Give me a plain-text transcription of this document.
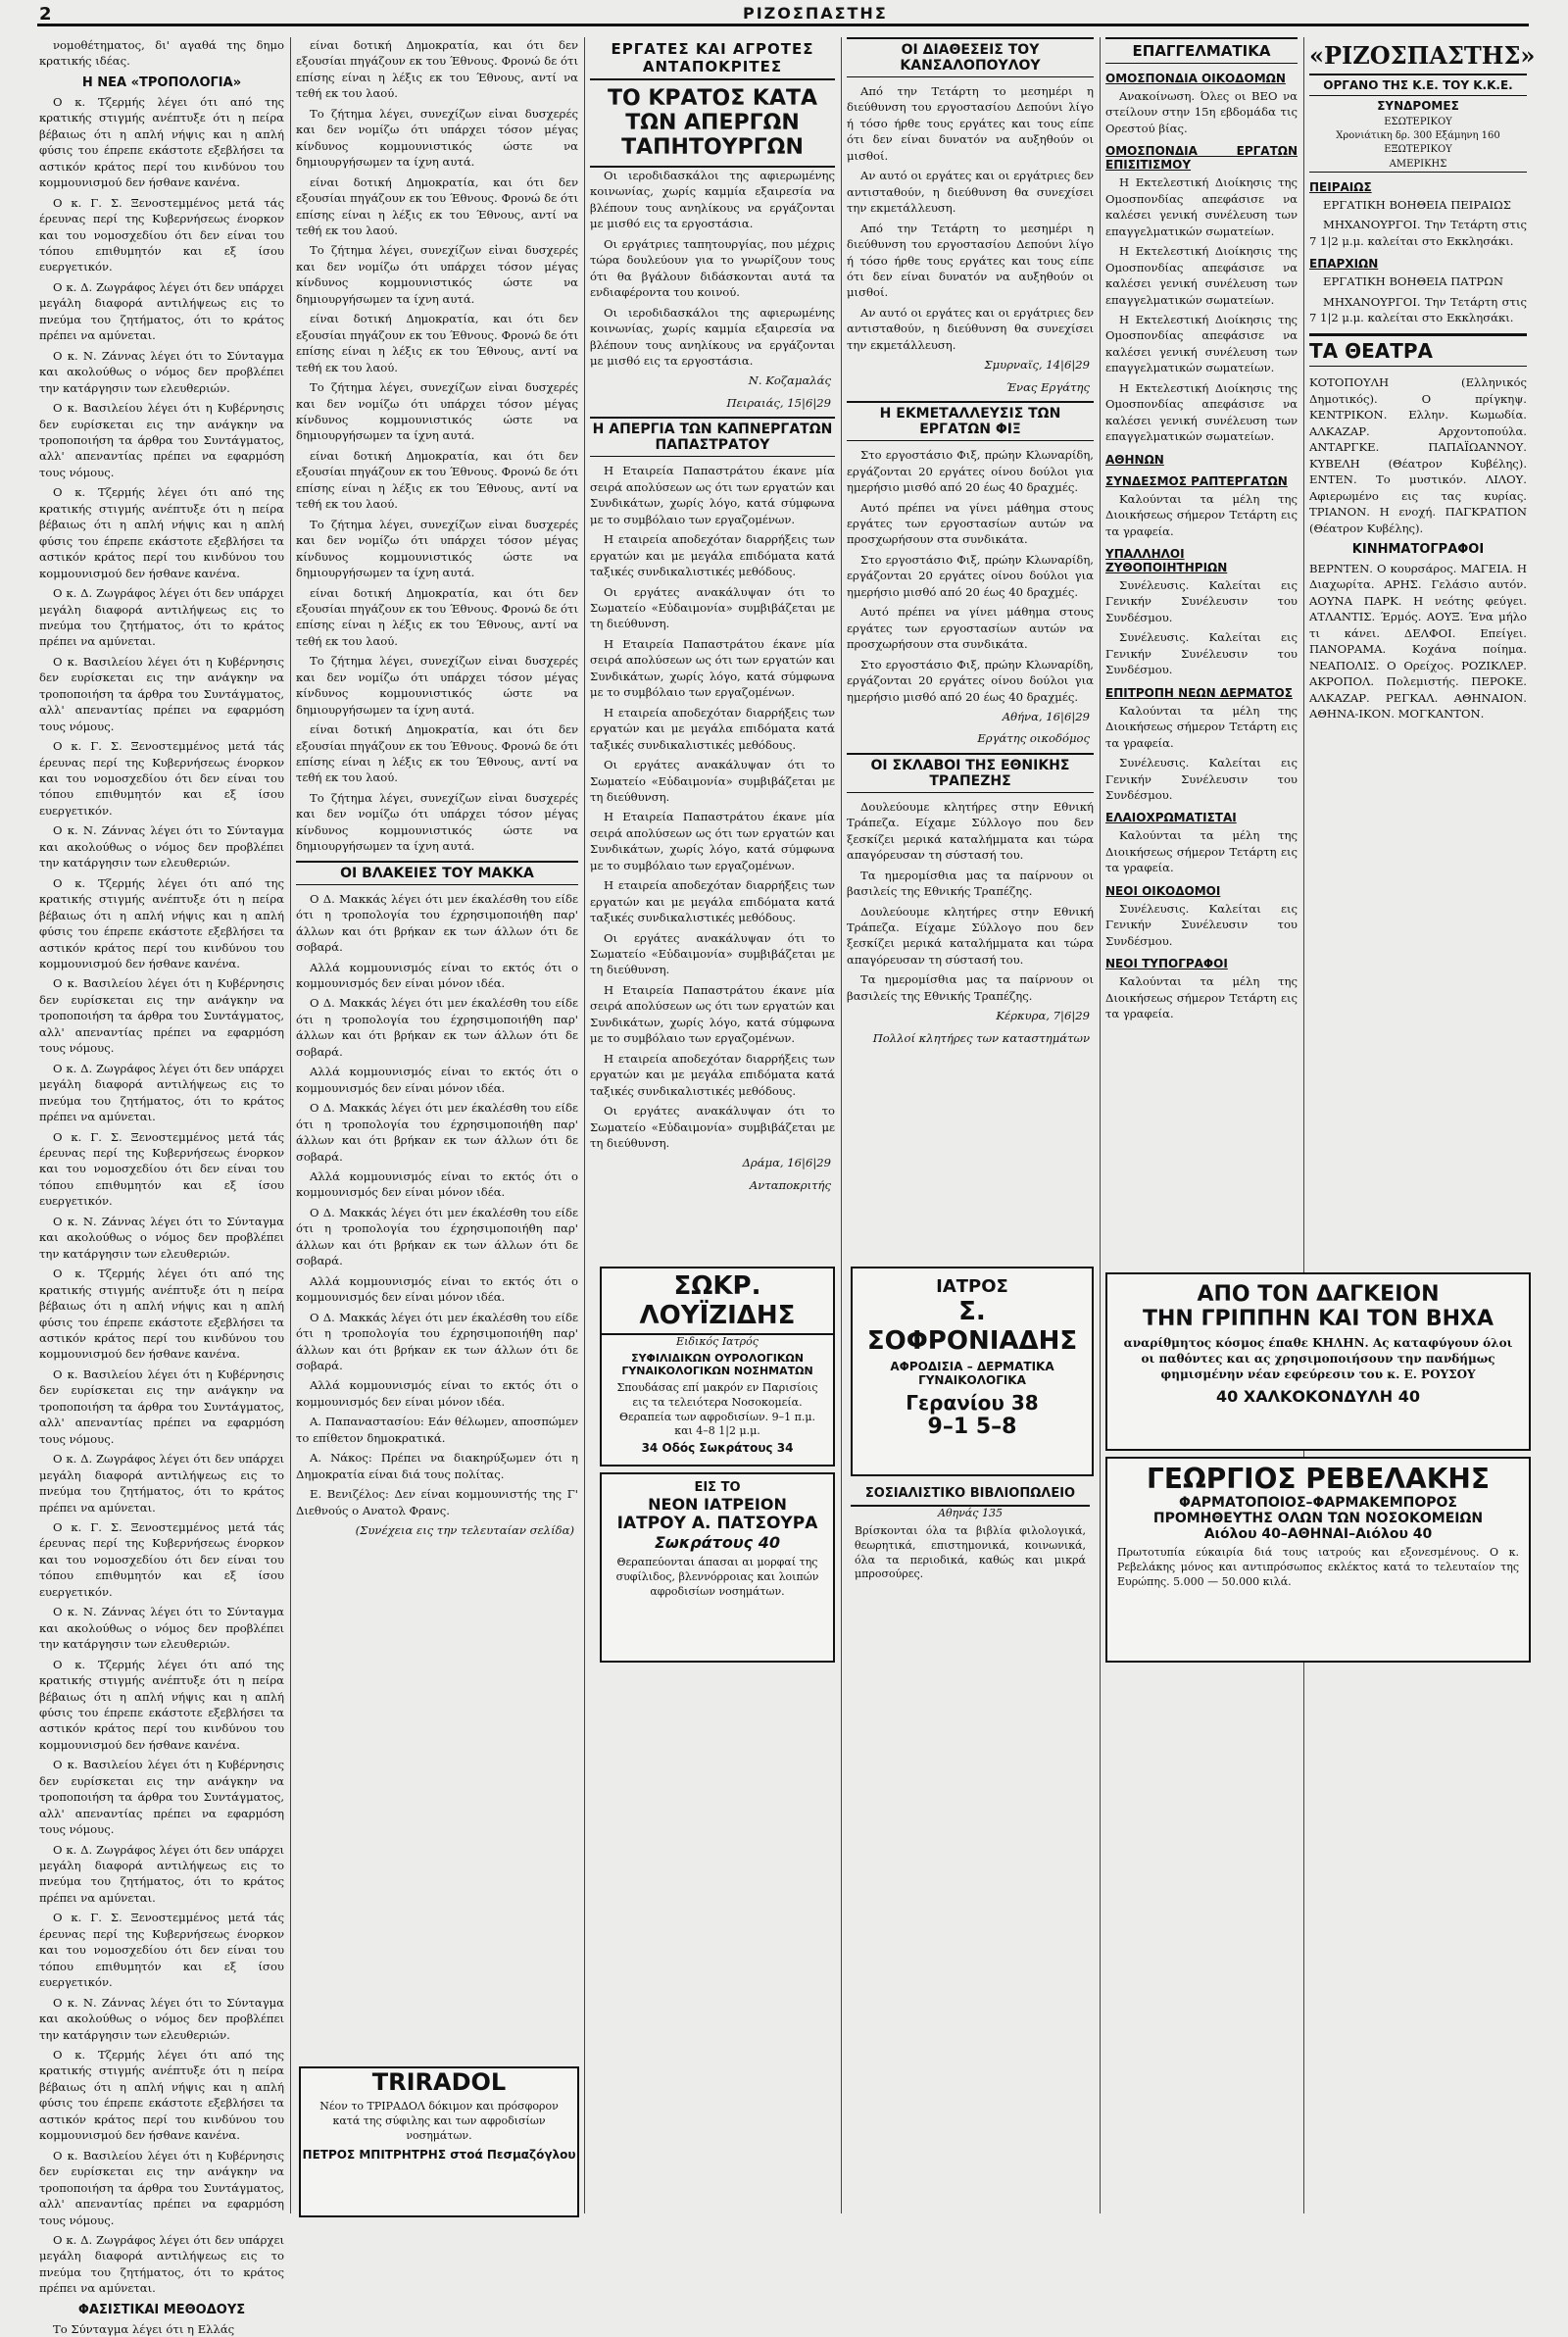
2	ΡΙΖΟΣΠΑΣΤΗΣ

νομοθέτηματος, δι' αγαθά της δημο κρατικής ιδέας.

Η ΝΕΑ «ΤΡΟΠΟΛΟΓΙΑ»

Ο κ. Τζερμής λέγει ότι από της κρατικής στιγμής ανέπτυξε ότι η πείρα βέβαιως ότι η απλή νήψις και η απλή φύσις του έπρεπε εκάστοτε εξεβλήσει τα αστικόν κράτος περί του κινδύνου του κομμουνισμού δεν ήσθανε κανένα.

Ο κ. Γ. Σ. Ξενοστεμμένος μετά τάς έρευνας περί της Κυβερνήσεως ένορκον και του νομοσχεδίου ότι δεν είναι του τόπου επιθυμητόν και εξ ίσου ευεργετικόν.

Ο κ. Δ. Ζωγράφος λέγει ότι δεν υπάρχει μεγάλη διαφορά αντιλήψεως εις το πνεύμα του ζητήματος, ότι το κράτος πρέπει να αμύνεται.

Ο κ. Ν. Ζάννας λέγει ότι το Σύνταγμα και ακολούθως ο νόμος δεν προβλέπει την κατάργησιν των ελευθεριών.

Ο κ. Βασιλείου λέγει ότι η Κυβέρνησις δεν ευρίσκεται εις την ανάγκην να τροποποιήση τα άρθρα του Συντάγματος, αλλ' απεναντίας πρέπει να εφαρμόση τους νόμους.

Ο κ. Τζερμής λέγει ότι από της κρατικής στιγμής ανέπτυξε ότι η πείρα βέβαιως ότι η απλή νήψις και η απλή φύσις του έπρεπε εκάστοτε εξεβλήσει τα αστικόν κράτος περί του κινδύνου του κομμουνισμού δεν ήσθανε κανένα.

Ο κ. Δ. Ζωγράφος λέγει ότι δεν υπάρχει μεγάλη διαφορά αντιλήψεως εις το πνεύμα του ζητήματος, ότι το κράτος πρέπει να αμύνεται.

Ο κ. Βασιλείου λέγει ότι η Κυβέρνησις δεν ευρίσκεται εις την ανάγκην να τροποποιήση τα άρθρα του Συντάγματος, αλλ' απεναντίας πρέπει να εφαρμόση τους νόμους.

Ο κ. Γ. Σ. Ξενοστεμμένος μετά τάς έρευνας περί της Κυβερνήσεως ένορκον και του νομοσχεδίου ότι δεν είναι του τόπου επιθυμητόν και εξ ίσου ευεργετικόν.

Ο κ. Ν. Ζάννας λέγει ότι το Σύνταγμα και ακολούθως ο νόμος δεν προβλέπει την κατάργησιν των ελευθεριών.

Ο κ. Τζερμής λέγει ότι από της κρατικής στιγμής ανέπτυξε ότι η πείρα βέβαιως ότι η απλή νήψις και η απλή φύσις του έπρεπε εκάστοτε εξεβλήσει τα αστικόν κράτος περί του κινδύνου του κομμουνισμού δεν ήσθανε κανένα.

Ο κ. Βασιλείου λέγει ότι η Κυβέρνησις δεν ευρίσκεται εις την ανάγκην να τροποποιήση τα άρθρα του Συντάγματος, αλλ' απεναντίας πρέπει να εφαρμόση τους νόμους.

Ο κ. Δ. Ζωγράφος λέγει ότι δεν υπάρχει μεγάλη διαφορά αντιλήψεως εις το πνεύμα του ζητήματος, ότι το κράτος πρέπει να αμύνεται.

Ο κ. Γ. Σ. Ξενοστεμμένος μετά τάς έρευνας περί της Κυβερνήσεως ένορκον και του νομοσχεδίου ότι δεν είναι του τόπου επιθυμητόν και εξ ίσου ευεργετικόν.

Ο κ. Ν. Ζάννας λέγει ότι το Σύνταγμα και ακολούθως ο νόμος δεν προβλέπει την κατάργησιν των ελευθεριών.

Ο κ. Τζερμής λέγει ότι από της κρατικής στιγμής ανέπτυξε ότι η πείρα βέβαιως ότι η απλή νήψις και η απλή φύσις του έπρεπε εκάστοτε εξεβλήσει τα αστικόν κράτος περί του κινδύνου του κομμουνισμού δεν ήσθανε κανένα.

Ο κ. Βασιλείου λέγει ότι η Κυβέρνησις δεν ευρίσκεται εις την ανάγκην να τροποποιήση τα άρθρα του Συντάγματος, αλλ' απεναντίας πρέπει να εφαρμόση τους νόμους.

Ο κ. Δ. Ζωγράφος λέγει ότι δεν υπάρχει μεγάλη διαφορά αντιλήψεως εις το πνεύμα του ζητήματος, ότι το κράτος πρέπει να αμύνεται.

Ο κ. Γ. Σ. Ξενοστεμμένος μετά τάς έρευνας περί της Κυβερνήσεως ένορκον και του νομοσχεδίου ότι δεν είναι του τόπου επιθυμητόν και εξ ίσου ευεργετικόν.

Ο κ. Ν. Ζάννας λέγει ότι το Σύνταγμα και ακολούθως ο νόμος δεν προβλέπει την κατάργησιν των ελευθεριών.

Ο κ. Τζερμής λέγει ότι από της κρατικής στιγμής ανέπτυξε ότι η πείρα βέβαιως ότι η απλή νήψις και η απλή φύσις του έπρεπε εκάστοτε εξεβλήσει τα αστικόν κράτος περί του κινδύνου του κομμουνισμού δεν ήσθανε κανένα.

Ο κ. Βασιλείου λέγει ότι η Κυβέρνησις δεν ευρίσκεται εις την ανάγκην να τροποποιήση τα άρθρα του Συντάγματος, αλλ' απεναντίας πρέπει να εφαρμόση τους νόμους.

Ο κ. Δ. Ζωγράφος λέγει ότι δεν υπάρχει μεγάλη διαφορά αντιλήψεως εις το πνεύμα του ζητήματος, ότι το κράτος πρέπει να αμύνεται.

Ο κ. Γ. Σ. Ξενοστεμμένος μετά τάς έρευνας περί της Κυβερνήσεως ένορκον και του νομοσχεδίου ότι δεν είναι του τόπου επιθυμητόν και εξ ίσου ευεργετικόν.

Ο κ. Ν. Ζάννας λέγει ότι το Σύνταγμα και ακολούθως ο νόμος δεν προβλέπει την κατάργησιν των ελευθεριών.

Ο κ. Τζερμής λέγει ότι από της κρατικής στιγμής ανέπτυξε ότι η πείρα βέβαιως ότι η απλή νήψις και η απλή φύσις του έπρεπε εκάστοτε εξεβλήσει τα αστικόν κράτος περί του κινδύνου του κομμουνισμού δεν ήσθανε κανένα.

Ο κ. Βασιλείου λέγει ότι η Κυβέρνησις δεν ευρίσκεται εις την ανάγκην να τροποποιήση τα άρθρα του Συντάγματος, αλλ' απεναντίας πρέπει να εφαρμόση τους νόμους.

Ο κ. Δ. Ζωγράφος λέγει ότι δεν υπάρχει μεγάλη διαφορά αντιλήψεως εις το πνεύμα του ζητήματος, ότι το κράτος πρέπει να αμύνεται.

ΦΑΣΙΣΤΙΚΑΙ ΜΕΘΟΔΟΥΣ

Το Σύνταγμα λέγει ότι η Ελλάς

είναι δοτική Δημοκρατία, και ότι δεν εξουσίαι πηγάζουν εκ του Έθνους. Φρονώ δε ότι επίσης είναι η λέξις εκ του Έθνους, αντί να τεθή εκ του λαού.

Το ζήτημα λέγει, συνεχίζων εἰναι δυσχερές και δεν νομίζω ότι υπάρχει τόσον μέγας κίνδυνος κομμουνιστικός ώστε να δημιουργήσωμεν τα ίχνη αυτά.

είναι δοτική Δημοκρατία, και ότι δεν εξουσίαι πηγάζουν εκ του Έθνους. Φρονώ δε ότι επίσης είναι η λέξις εκ του Έθνους, αντί να τεθή εκ του λαού.

Το ζήτημα λέγει, συνεχίζων εἰναι δυσχερές και δεν νομίζω ότι υπάρχει τόσον μέγας κίνδυνος κομμουνιστικός ώστε να δημιουργήσωμεν τα ίχνη αυτά.

είναι δοτική Δημοκρατία, και ότι δεν εξουσίαι πηγάζουν εκ του Έθνους. Φρονώ δε ότι επίσης είναι η λέξις εκ του Έθνους, αντί να τεθή εκ του λαού.

Το ζήτημα λέγει, συνεχίζων εἰναι δυσχερές και δεν νομίζω ότι υπάρχει τόσον μέγας κίνδυνος κομμουνιστικός ώστε να δημιουργήσωμεν τα ίχνη αυτά.

είναι δοτική Δημοκρατία, και ότι δεν εξουσίαι πηγάζουν εκ του Έθνους. Φρονώ δε ότι επίσης είναι η λέξις εκ του Έθνους, αντί να τεθή εκ του λαού.

Το ζήτημα λέγει, συνεχίζων εἰναι δυσχερές και δεν νομίζω ότι υπάρχει τόσον μέγας κίνδυνος κομμουνιστικός ώστε να δημιουργήσωμεν τα ίχνη αυτά.

είναι δοτική Δημοκρατία, και ότι δεν εξουσίαι πηγάζουν εκ του Έθνους. Φρονώ δε ότι επίσης είναι η λέξις εκ του Έθνους, αντί να τεθή εκ του λαού.

Το ζήτημα λέγει, συνεχίζων εἰναι δυσχερές και δεν νομίζω ότι υπάρχει τόσον μέγας κίνδυνος κομμουνιστικός ώστε να δημιουργήσωμεν τα ίχνη αυτά.

είναι δοτική Δημοκρατία, και ότι δεν εξουσίαι πηγάζουν εκ του Έθνους. Φρονώ δε ότι επίσης είναι η λέξις εκ του Έθνους, αντί να τεθή εκ του λαού.

Το ζήτημα λέγει, συνεχίζων εἰναι δυσχερές και δεν νομίζω ότι υπάρχει τόσον μέγας κίνδυνος κομμουνιστικός ώστε να δημιουργήσωμεν τα ίχνη αυτά.

ΟΙ ΒΛΑΚΕΙΕΣ ΤΟΥ ΜΑΚΚΑ

Ο Δ. Μακκάς λέγει ότι μεν έκαλέσθη του είδε ότι η τροπολογία του έχρησιμοποιήθη παρ' άλλων και ότι βρήκαν εκ των άλλων ότι δε σοβαρά.

Αλλά κομμουνισμός είναι το εκτός ότι ο κομμουνισμός δεν είναι μόνον ιδέα.

Ο Δ. Μακκάς λέγει ότι μεν έκαλέσθη του είδε ότι η τροπολογία του έχρησιμοποιήθη παρ' άλλων και ότι βρήκαν εκ των άλλων ότι δε σοβαρά.

Αλλά κομμουνισμός είναι το εκτός ότι ο κομμουνισμός δεν είναι μόνον ιδέα.

Ο Δ. Μακκάς λέγει ότι μεν έκαλέσθη του είδε ότι η τροπολογία του έχρησιμοποιήθη παρ' άλλων και ότι βρήκαν εκ των άλλων ότι δε σοβαρά.

Αλλά κομμουνισμός είναι το εκτός ότι ο κομμουνισμός δεν είναι μόνον ιδέα.

Ο Δ. Μακκάς λέγει ότι μεν έκαλέσθη του είδε ότι η τροπολογία του έχρησιμοποιήθη παρ' άλλων και ότι βρήκαν εκ των άλλων ότι δε σοβαρά.

Αλλά κομμουνισμός είναι το εκτός ότι ο κομμουνισμός δεν είναι μόνον ιδέα.

Ο Δ. Μακκάς λέγει ότι μεν έκαλέσθη του είδε ότι η τροπολογία του έχρησιμοποιήθη παρ' άλλων και ότι βρήκαν εκ των άλλων ότι δε σοβαρά.

Αλλά κομμουνισμός είναι το εκτός ότι ο κομμουνισμός δεν είναι μόνον ιδέα.

Α. Παπαναστασίου: Εάν θέλωμεν, αποσπώμεν το επίθετον δημοκρατικά.

Α. Νάκος: Πρέπει να διακηρύξωμεν ότι η Δημοκρατία είναι διά τους πολίτας.

Ε. Βενιζέλος: Δεν είναι κομμουνιστής της Γ' Διεθνούς ο Ανατολ Φρανς.

(Συνέχεια εις την τελευταίαν σελίδα)
TRIRADOL
Νέον το ΤΡΙΡΑΔΟΛ δόκιμον και πρόσφορον κατά της σύφιλης και των αφροδισίων νοσημάτων.
ΠΕΤΡΟΣ ΜΠΙΤΡΗΤΡΗΣ στοά Πεσμαζόγλου
ΕΡΓΑΤΕΣ ΚΑΙ ΑΓΡΟΤΕΣ ΑΝΤΑΠΟΚΡΙΤΕΣ
ΤΟ ΚΡΑΤΟΣ ΚΑΤΑ ΤΩΝ ΑΠΕΡΓΩΝ ΤΑΠΗΤΟΥΡΓΩΝ

Οι ιεροδιδασκάλοι της αφιερωμένης κοινωνίας, χωρίς καμμία εξαιρεσία να βλέπουν τους ανηλίκους να εργάζονται με μισθό εις τα εργοστάσια.

Οι εργάτριες ταπητουργίας, που μέχρις τώρα δουλεύουν για το γνωρίζουν τους ότι θα βγάλουν διδάσκονται αυτά τα ενδιαφέροντα του κοινού.

Οι ιεροδιδασκάλοι της αφιερωμένης κοινωνίας, χωρίς καμμία εξαιρεσία να βλέπουν τους ανηλίκους να εργάζονται με μισθό εις τα εργοστάσια.

Ν. Κοζαμαλάς
Πειραιάς, 15|6|29
Η ΑΠΕΡΓΙΑ ΤΩΝ ΚΑΠΝΕΡΓΑΤΩΝ ΠΑΠΑΣΤΡΑΤΟΥ

Η Εταιρεία Παπαστράτου έκανε μία σειρά απολύσεων ως ότι των εργατών και Συνδικάτων, χωρίς λόγο, κατά σύμφωνα με το συμβόλαιο των εργαζομένων.

Η εταιρεία αποδεχόταν διαρρήξεις των εργατών και με μεγάλα επιδόματα κατά ταξικές συνδικαλιστικές μεθόδους.

Οι εργάτες ανακάλυψαν ότι το Σωματείο «Εὐδαιμονία» συμβιβάζεται με τη διεύθυνση.

Η Εταιρεία Παπαστράτου έκανε μία σειρά απολύσεων ως ότι των εργατών και Συνδικάτων, χωρίς λόγο, κατά σύμφωνα με το συμβόλαιο των εργαζομένων.

Η εταιρεία αποδεχόταν διαρρήξεις των εργατών και με μεγάλα επιδόματα κατά ταξικές συνδικαλιστικές μεθόδους.

Οι εργάτες ανακάλυψαν ότι το Σωματείο «Εὐδαιμονία» συμβιβάζεται με τη διεύθυνση.

Η Εταιρεία Παπαστράτου έκανε μία σειρά απολύσεων ως ότι των εργατών και Συνδικάτων, χωρίς λόγο, κατά σύμφωνα με το συμβόλαιο των εργαζομένων.

Η εταιρεία αποδεχόταν διαρρήξεις των εργατών και με μεγάλα επιδόματα κατά ταξικές συνδικαλιστικές μεθόδους.

Οι εργάτες ανακάλυψαν ότι το Σωματείο «Εὐδαιμονία» συμβιβάζεται με τη διεύθυνση.

Η Εταιρεία Παπαστράτου έκανε μία σειρά απολύσεων ως ότι των εργατών και Συνδικάτων, χωρίς λόγο, κατά σύμφωνα με το συμβόλαιο των εργαζομένων.

Η εταιρεία αποδεχόταν διαρρήξεις των εργατών και με μεγάλα επιδόματα κατά ταξικές συνδικαλιστικές μεθόδους.

Οι εργάτες ανακάλυψαν ότι το Σωματείο «Εὐδαιμονία» συμβιβάζεται με τη διεύθυνση.

Δράμα, 16|6|29
Ανταποκριτής
ΣΩΚΡ. ΛΟΥΪΖΙΔΗΣ
Ειδικός Ιατρός
ΣΥΦΙΛΙΔΙΚΩΝ ΟΥΡΟΛΟΓΙΚΩΝ ΓΥΝΑΙΚΟΛΟΓΙΚΩΝ ΝΟΣΗΜΑΤΩΝ
Σπουδάσας επί μακρόν εν Παρισίοις εις τα τελειότερα Νοσοκομεία. Θεραπεία των αφροδισίων. 9–1 π.μ. και 4–8 1|2 μ.μ.
34 Οδός Σωκράτους 34
ΕΙΣ ΤΟ
ΝΕΟΝ ΙΑΤΡΕΙΟΝ
ΙΑΤΡΟΥ Α. ΠΑΤΣΟΥΡΑ
Σωκράτους 40
Θεραπεύονται άπασαι αι μορφαί της συφίλιδος, βλεννόρροιας και λοιπών αφροδισίων νοσημάτων.
ΟΙ ΔΙΑΘΕΣΕΙΣ ΤΟΥ ΚΑΝΣΑΛΟΠΟΥΛΟΥ

Από την Τετάρτη το μεσημέρι η διεύθυνση του εργοστασίου Δεπούνι λίγο ή τόσο ήρθε τους εργάτες και τους είπε ότι δεν είναι δυνατόν να αυξηθούν οι μισθοί.

Αν αυτό οι εργάτες και οι εργάτριες δεν αντισταθούν, η διεύθυνση θα συνεχίσει την εκμετάλλευση.

Από την Τετάρτη το μεσημέρι η διεύθυνση του εργοστασίου Δεπούνι λίγο ή τόσο ήρθε τους εργάτες και τους είπε ότι δεν είναι δυνατόν να αυξηθούν οι μισθοί.

Αν αυτό οι εργάτες και οι εργάτριες δεν αντισταθούν, η διεύθυνση θα συνεχίσει την εκμετάλλευση.

Σμυρναϊς, 14|6|29
Ένας Εργάτης
Η ΕΚΜΕΤΑΛΛΕΥΣΙΣ ΤΩΝ ΕΡΓΑΤΩΝ ΦΙΞ

Στο εργοστάσιο Φιξ, πρώην Κλωναρίδη, εργάζονται 20 εργάτες οίνου δούλοι για ημερήσιο μισθό από 20 έως 40 δραχμές.

Αυτό πρέπει να γίνει μάθημα στους εργάτες των εργοστασίων αυτών να προσχωρήσουν στα συνδικάτα.

Στο εργοστάσιο Φιξ, πρώην Κλωναρίδη, εργάζονται 20 εργάτες οίνου δούλοι για ημερήσιο μισθό από 20 έως 40 δραχμές.

Αυτό πρέπει να γίνει μάθημα στους εργάτες των εργοστασίων αυτών να προσχωρήσουν στα συνδικάτα.

Στο εργοστάσιο Φιξ, πρώην Κλωναρίδη, εργάζονται 20 εργάτες οίνου δούλοι για ημερήσιο μισθό από 20 έως 40 δραχμές.

Αθήνα, 16|6|29
Εργάτης οικοδόμος
ΟΙ ΣΚΛΑΒΟΙ ΤΗΣ ΕΘΝΙΚΗΣ ΤΡΑΠΕΖΗΣ

Δουλεύουμε κλητήρες στην Εθνική Τράπεζα. Είχαμε Σύλλογο που δεν ξεσκίζει μερικά καταλήμματα και τώρα απαγόρευσαν τη σύστασή του.

Τα ημερομίσθια μας τα παίρνουν οι βασιλείς της Εθνικής Τραπέζης.

Δουλεύουμε κλητήρες στην Εθνική Τράπεζα. Είχαμε Σύλλογο που δεν ξεσκίζει μερικά καταλήμματα και τώρα απαγόρευσαν τη σύστασή του.

Τα ημερομίσθια μας τα παίρνουν οι βασιλείς της Εθνικής Τραπέζης.

Κέρκυρα, 7|6|29
Πολλοί κλητήρες των καταστημάτων
ΙΑΤΡΟΣ
Σ. ΣΟΦΡΟΝΙΑΔΗΣ
ΑΦΡΟΔΙΣΙΑ – ΔΕΡΜΑΤΙΚΑ ΓΥΝΑΙΚΟΛΟΓΙΚΑ
Γερανίου 38
9–1 5–8
ΣΟΣΙΑΛΙΣΤΙΚΟ ΒΙΒΛΙΟΠΩΛΕΙΟ
Αθηνάς 135
Βρίσκονται όλα τα βιβλία φιλολογικά, θεωρητικά, επιστημονικά, κοινωνικά, όλα τα περιοδικά, καθώς και μικρά μπροσούρες.
ΕΠΑΓΓΕΛΜΑΤΙΚΑ
ΟΜΟΣΠΟΝΔΙΑ ΟΙΚΟΔΟΜΩΝ

Ανακοίνωση. Όλες οι ΒΕΟ να στείλουν στην 15η εβδομάδα τις Ορεστού βίας.

ΟΜΟΣΠΟΝΔΙΑ ΕΡΓΑΤΩΝ ΕΠΙΣΙΤΙΣΜΟΥ

Η Εκτελεστική Διοίκησις της Ομοσπονδίας απεφάσισε να καλέσει γενική συνέλευση των επαγγελματικών σωματείων.

Η Εκτελεστική Διοίκησις της Ομοσπονδίας απεφάσισε να καλέσει γενική συνέλευση των επαγγελματικών σωματείων.

Η Εκτελεστική Διοίκησις της Ομοσπονδίας απεφάσισε να καλέσει γενική συνέλευση των επαγγελματικών σωματείων.

Η Εκτελεστική Διοίκησις της Ομοσπονδίας απεφάσισε να καλέσει γενική συνέλευση των επαγγελματικών σωματείων.

ΑΘΗΝΩΝ
ΣΥΝΔΕΣΜΟΣ ΡΑΠΤΕΡΓΑΤΩΝ

Καλούνται τα μέλη της Διοικήσεως σήμερον Τετάρτη εις τα γραφεία.

ΥΠΑΛΛΗΛΟΙ ΖΥΘΟΠΟΙΗΤΗΡΙΩΝ

Συνέλευσις. Καλείται εις Γενικήν Συνέλευσιν του Συνδέσμου.

Συνέλευσις. Καλείται εις Γενικήν Συνέλευσιν του Συνδέσμου.

ΕΠΙΤΡΟΠΗ ΝΕΩΝ ΔΕΡΜΑΤΟΣ

Καλούνται τα μέλη της Διοικήσεως σήμερον Τετάρτη εις τα γραφεία.

Συνέλευσις. Καλείται εις Γενικήν Συνέλευσιν του Συνδέσμου.

ΕΛΑΙΟΧΡΩΜΑΤΙΣΤΑΙ

Καλούνται τα μέλη της Διοικήσεως σήμερον Τετάρτη εις τα γραφεία.

ΝΕΟΙ ΟΙΚΟΔΟΜΟΙ

Συνέλευσις. Καλείται εις Γενικήν Συνέλευσιν του Συνδέσμου.

ΝΕΟΙ ΤΥΠΟΓΡΑΦΟΙ

Καλούνται τα μέλη της Διοικήσεως σήμερον Τετάρτη εις τα γραφεία.

«ΡΙΖΟΣΠΑΣΤΗΣ»
ΟΡΓΑΝΟ ΤΗΣ Κ.Ε. ΤΟΥ Κ.Κ.Ε.
ΣΥΝΔΡΟΜΕΣ
ΕΣΩΤΕΡΙΚΟΥ
Χρονιάτικη δρ. 300 Εξάμηνη 160
ΕΞΩΤΕΡΙΚΟΥ
ΑΜΕΡΙΚΗΣ
ΠΕΙΡΑΙΩΣ

ΕΡΓΑΤΙΚΗ ΒΟΗΘΕΙΑ ΠΕΙΡΑΙΩΣ

ΜΗΧΑΝΟΥΡΓΟΙ. Την Τετάρτη στις 7 1|2 μ.μ. καλείται στο Εκκλησάκι.

ΕΠΑΡΧΙΩΝ

ΕΡΓΑΤΙΚΗ ΒΟΗΘΕΙΑ ΠΑΤΡΩΝ

ΜΗΧΑΝΟΥΡΓΟΙ. Την Τετάρτη στις 7 1|2 μ.μ. καλείται στο Εκκλησάκι.

ΤΑ ΘΕΑΤΡΑ

ΚΟΤΟΠΟΥΛΗ (Ελληνικός Δημοτικός). Ο πρίγκηψ. ΚΕΝΤΡΙΚΟΝ. Ελλην. Κωμωδία. ΑΛΚΑΖΑΡ. Αρχοντοπούλα. ΑΝΤΑΡΓΚΕ. ΠΑΠΑΪΩΑΝΝΟΥ. ΚΥΒΕΛΗ (Θέατρον Κυβέλης). ΕΝΤΕΝ. Το μυστικόν. ΛΙΛΟΥ. Αφιερωμένο εις τας κυρίας. ΤΡΙΑΝΟΝ. Η ενοχή. ΠΑΓΚΡΑΤΙΟΝ (Θέατρον Κυβέλης).

ΚΙΝΗΜΑΤΟΓΡΑΦΟΙ

ΒΕΡΝΤΕΝ. Ο κουρσάρος. ΜΑΓΕΙΑ. Η Διαχωρίτα. ΑΡΗΣ. Γελάσιο αυτόν. ΑΟΥΝΑ ΠΑΡΚ. Η νεότης φεύγει. ΑΤΛΑΝΤΙΣ. Έρμός. ΑΟΥΞ. Ένα μήλο τι κάνει. ΔΕΛΦΟΙ. Επείγει. ΠΑΝΟΡΑΜΑ. Κοχάνα ποίημα. ΝΕΑΠΟΛΙΣ. Ο Ορείχος. ΡΟΖΙΚΛΕΡ. ΑΚΡΟΠΟΛ. Πολεμιστής. ΠΕΡΟΚΕ. ΑΛΚΑΖΑΡ. ΡΕΓΚΑΛ. ΑΘΗΝΑΙΟΝ. ΑΘΗΝΑ-ΙΚΟΝ. ΜΟΓΚΑΝΤΟΝ.

ΑΠΟ ΤΟΝ ΔΑΓΚΕΙΟΝ
ΤΗΝ ΓΡΙΠΠΗΝ ΚΑΙ ΤΟΝ ΒΗΧΑ
αναρίθμητος κόσμος έπαθε ΚΗΛΗΝ. Ας καταφύγουν όλοι οι παθόντες και ας χρησιμοποιήσουν την πανδήμως φημισμένην νέαν εφεύρεσιν του κ. Ε. ΡΟΥΣΟΥ
40 ΧΑΛΚΟΚΟΝΔΥΛΗ 40
ΓΕΩΡΓΙΟΣ ΡΕΒΕΛΑΚΗΣ
ΦΑΡΜΑΤΟΠΟΙΟΣ–ΦΑΡΜΑΚΕΜΠΟΡΟΣ
ΠΡΟΜΗΘΕΥΤΗΣ ΟΛΩΝ ΤΩΝ ΝΟΣΟΚΟΜΕΙΩΝ
Αιόλου 40–ΑΘΗΝΑΙ–Αιόλου 40
Πρωτοτυπία εύκαιρία διά τους ιατρούς και εξονεσμένους. Ο κ. Ρεβελάκης μόνος και αντιπρόσωπος εκλέκτος κατά το τελευταίον της Ευρώπης. 5.000 — 50.000 κιλά.
